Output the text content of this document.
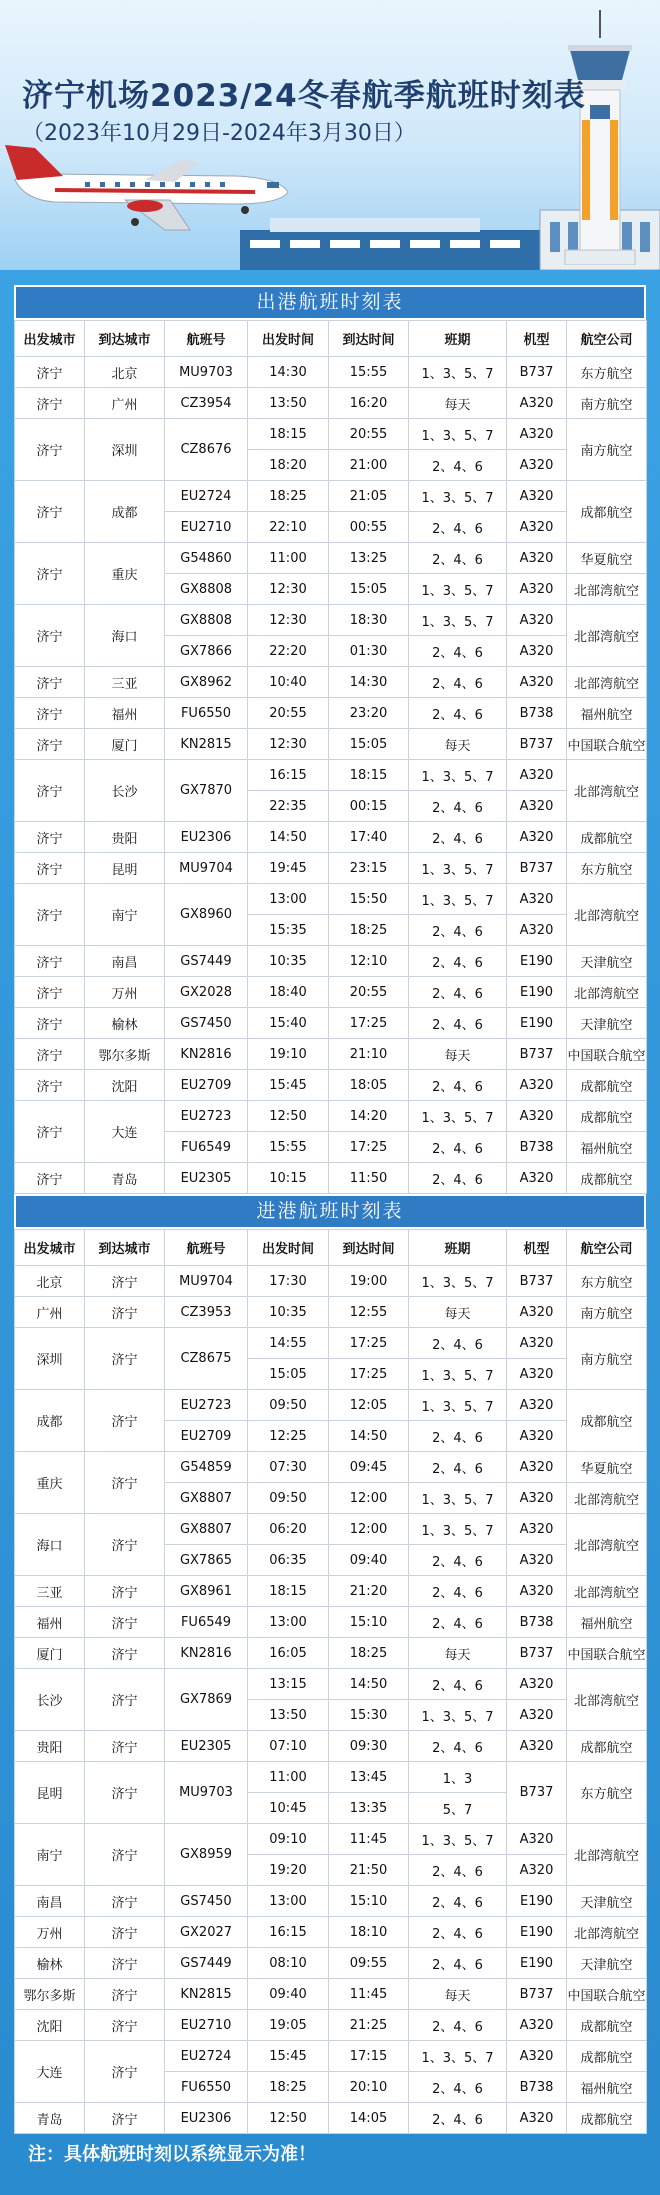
济宁机场2023/24冬春航季航班时刻表
（2023年10月29日-2024年3月30日）
出港航班时刻表
出发城市	到达城市	航班号	出发时间	到达时间	班期	机型	航空公司
济宁	北京	MU9703	14:30	15:55	1、3、5、7	B737	东方航空
济宁	广州	CZ3954	13:50	16:20	每天	A320	南方航空
济宁	深圳	CZ8676	18:15	20:55	1、3、5、7	A320	南方航空
			18:20	21:00	2、4、6	A320	
济宁	成都	EU2724	18:25	21:05	1、3、5、7	A320	成都航空
		EU2710	22:10	00:55	2、4、6	A320	
济宁	重庆	G54860	11:00	13:25	2、4、6	A320	华夏航空
		GX8808	12:30	15:05	1、3、5、7	A320	北部湾航空
济宁	海口	GX8808	12:30	18:30	1、3、5、7	A320	北部湾航空
		GX7866	22:20	01:30	2、4、6	A320	
济宁	三亚	GX8962	10:40	14:30	2、4、6	A320	北部湾航空
济宁	福州	FU6550	20:55	23:20	2、4、6	B738	福州航空
济宁	厦门	KN2815	12:30	15:05	每天	B737	中国联合航空
济宁	长沙	GX7870	16:15	18:15	1、3、5、7	A320	北部湾航空
			22:35	00:15	2、4、6	A320	
济宁	贵阳	EU2306	14:50	17:40	2、4、6	A320	成都航空
济宁	昆明	MU9704	19:45	23:15	1、3、5、7	B737	东方航空
济宁	南宁	GX8960	13:00	15:50	1、3、5、7	A320	北部湾航空
			15:35	18:25	2、4、6	A320	
济宁	南昌	GS7449	10:35	12:10	2、4、6	E190	天津航空
济宁	万州	GX2028	18:40	20:55	2、4、6	E190	北部湾航空
济宁	榆林	GS7450	15:40	17:25	2、4、6	E190	天津航空
济宁	鄂尔多斯	KN2816	19:10	21:10	每天	B737	中国联合航空
济宁	沈阳	EU2709	15:45	18:05	2、4、6	A320	成都航空
济宁	大连	EU2723	12:50	14:20	1、3、5、7	A320	成都航空
		FU6549	15:55	17:25	2、4、6	B738	福州航空
济宁	青岛	EU2305	10:15	11:50	2、4、6	A320	成都航空
进港航班时刻表
出发城市	到达城市	航班号	出发时间	到达时间	班期	机型	航空公司
北京	济宁	MU9704	17:30	19:00	1、3、5、7	B737	东方航空
广州	济宁	CZ3953	10:35	12:55	每天	A320	南方航空
深圳	济宁	CZ8675	14:55	17:25	2、4、6	A320	南方航空
			15:05	17:25	1、3、5、7	A320	
成都	济宁	EU2723	09:50	12:05	1、3、5、7	A320	成都航空
		EU2709	12:25	14:50	2、4、6	A320	
重庆	济宁	G54859	07:30	09:45	2、4、6	A320	华夏航空
		GX8807	09:50	12:00	1、3、5、7	A320	北部湾航空
海口	济宁	GX8807	06:20	12:00	1、3、5、7	A320	北部湾航空
		GX7865	06:35	09:40	2、4、6	A320	
三亚	济宁	GX8961	18:15	21:20	2、4、6	A320	北部湾航空
福州	济宁	FU6549	13:00	15:10	2、4、6	B738	福州航空
厦门	济宁	KN2816	16:05	18:25	每天	B737	中国联合航空
长沙	济宁	GX7869	13:15	14:50	2、4、6	A320	北部湾航空
			13:50	15:30	1、3、5、7	A320	
贵阳	济宁	EU2305	07:10	09:30	2、4、6	A320	成都航空
昆明	济宁	MU9703	11:00	13:45	1、3	B737	东方航空
			10:45	13:35	5、7		
南宁	济宁	GX8959	09:10	11:45	1、3、5、7	A320	北部湾航空
			19:20	21:50	2、4、6	A320	
南昌	济宁	GS7450	13:00	15:10	2、4、6	E190	天津航空
万州	济宁	GX2027	16:15	18:10	2、4、6	E190	北部湾航空
榆林	济宁	GS7449	08:10	09:55	2、4、6	E190	天津航空
鄂尔多斯	济宁	KN2815	09:40	11:45	每天	B737	中国联合航空
沈阳	济宁	EU2710	19:05	21:25	2、4、6	A320	成都航空
大连	济宁	EU2724	15:45	17:15	1、3、5、7	A320	成都航空
		FU6550	18:25	20:10	2、4、6	B738	福州航空
青岛	济宁	EU2306	12:50	14:05	2、4、6	A320	成都航空
注：具体航班时刻以系统显示为准！
